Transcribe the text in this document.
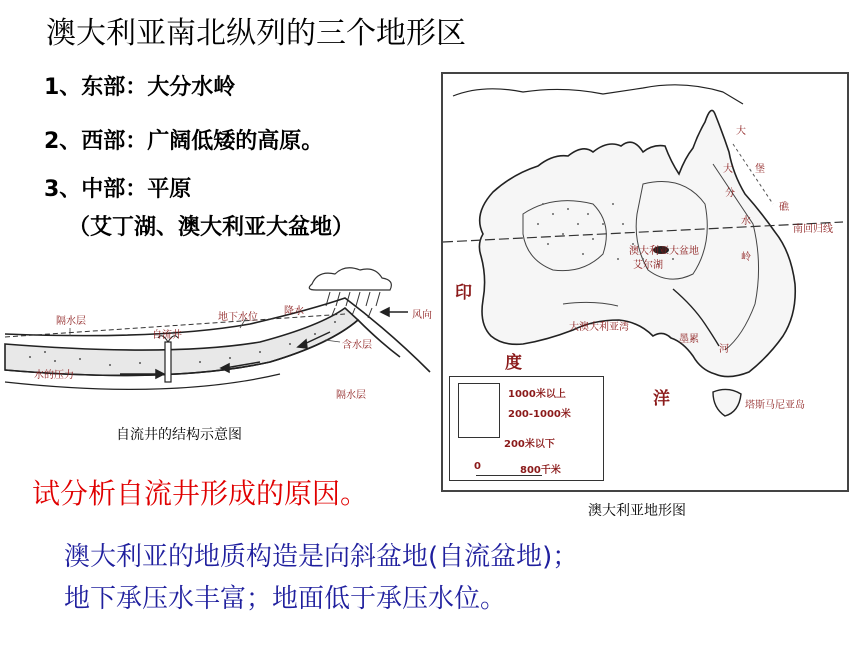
澳大利亚南北纵列的三个地形区
1、东部：大分水岭
2、西部：广阔低矮的高原。
3、中部：平原
（艾丁湖、澳大利亚大盆地）
隔水层
自流井
地下水位
降水	风向
含水层
水的压力
隔水层
自流井的结构示意图
大
大
分
水
岭
堡
礁
南回归线
澳大利亚大盆地
艾尔湖
大澳大利亚湾
墨累
河
塔斯马尼亚岛
印
度
洋
1000米以上
200-1000米
200米以下
0	800千米
澳大利亚地形图
试分析自流井形成的原因。
澳大利亚的地质构造是向斜盆地(自流盆地)；
地下承压水丰富；地面低于承压水位。
